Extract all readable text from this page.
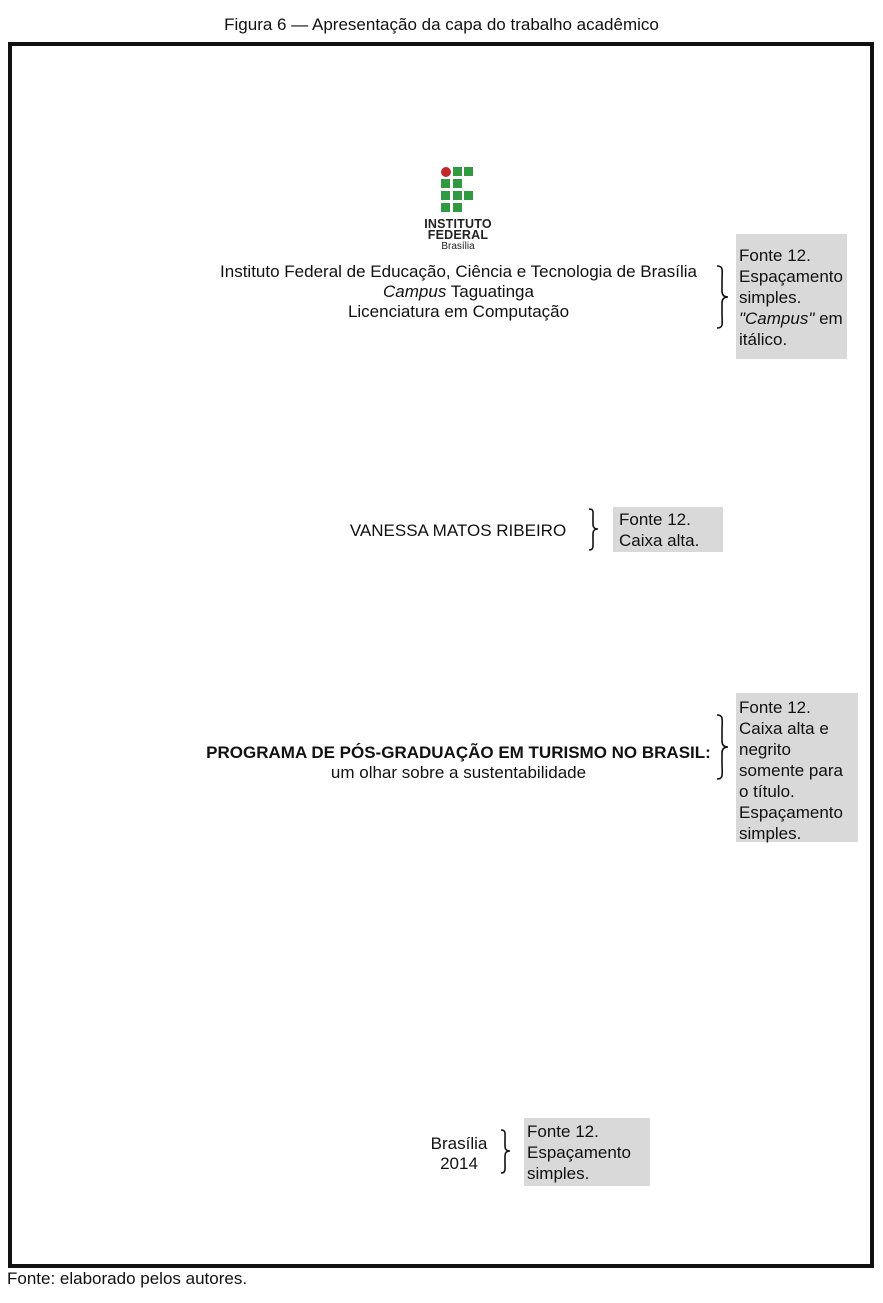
Figura 6 — Apresentação da capa do trabalho acadêmico
INSTITUTO
FEDERAL
Brasília
Instituto Federal de Educação, Ciência e Tecnologia de Brasília
Campus Taguatinga
Licenciatura em Computação
Fonte 12.
Espaçamento
simples.
"Campus" em
itálico.
VANESSA MATOS RIBEIRO
Fonte 12.
Caixa alta.
PROGRAMA DE PÓS-GRADUAÇÃO EM TURISMO NO BRASIL:
um olhar sobre a sustentabilidade
Fonte 12.
Caixa alta e
negrito
somente para
o título.
Espaçamento
simples.
Brasília
2014
Fonte 12.
Espaçamento
simples.
Fonte: elaborado pelos autores.
